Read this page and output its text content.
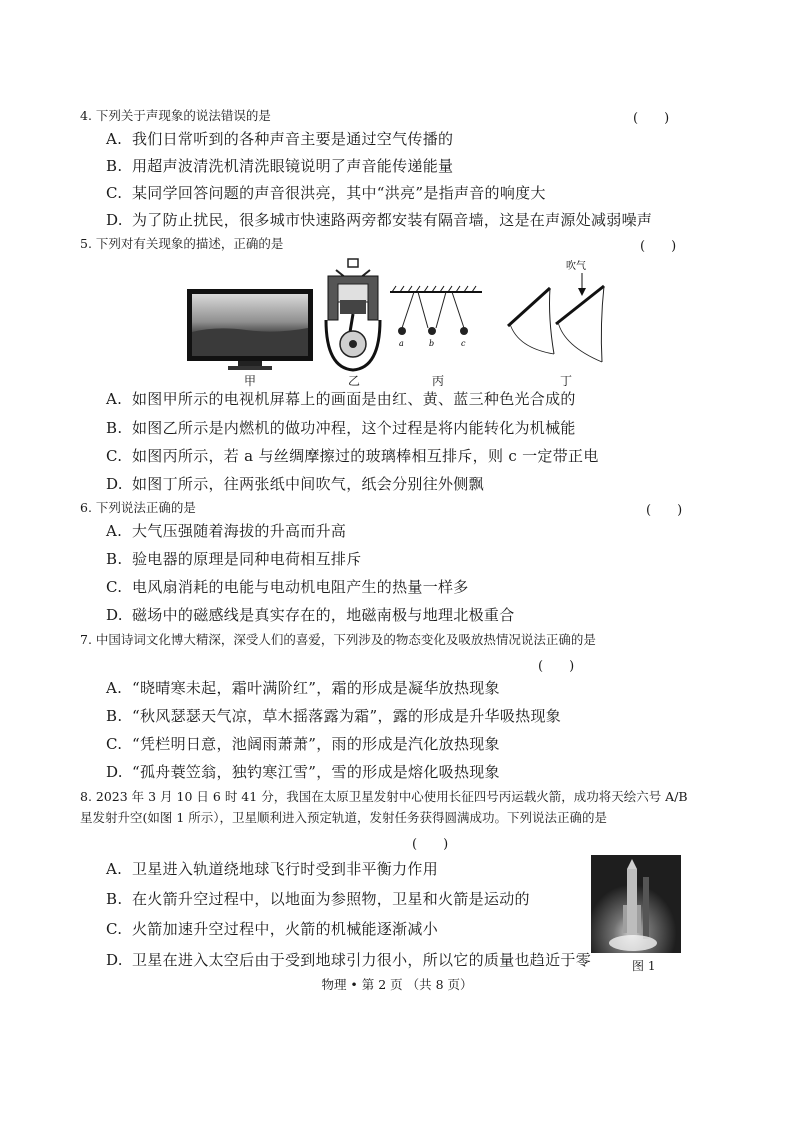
4. 下列关于声现象的说法错误的是	(　　)
A. 我们日常听到的各种声音主要是通过空气传播的
B. 用超声波清洗机清洗眼镜说明了声音能传递能量
C. 某同学回答问题的声音很洪亮，其中“洪亮”是指声音的响度大
D. 为了防止扰民，很多城市快速路两旁都安装有隔音墙，这是在声源处减弱噪声
5. 下列对有关现象的描述，正确的是	(　　)
a	b	c
吹气
甲	乙	丙	丁
A. 如图甲所示的电视机屏幕上的画面是由红、黄、蓝三种色光合成的
B. 如图乙所示是内燃机的做功冲程，这个过程是将内能转化为机械能
C. 如图丙所示，若 a 与丝绸摩擦过的玻璃棒相互排斥，则 c 一定带正电
D. 如图丁所示，往两张纸中间吹气，纸会分别往外侧飘
6. 下列说法正确的是	(　　)
A. 大气压强随着海拔的升高而升高
B. 验电器的原理是同种电荷相互排斥
C. 电风扇消耗的电能与电动机电阻产生的热量一样多
D. 磁场中的磁感线是真实存在的，地磁南极与地理北极重合
7. 中国诗词文化博大精深，深受人们的喜爱，下列涉及的物态变化及吸放热情况说法正确的是
(　　)
A. “晓晴寒未起，霜叶满阶红”，霜的形成是凝华放热现象
B. “秋风瑟瑟天气凉，草木摇落露为霜”，露的形成是升华吸热现象
C. “凭栏明日意，池阔雨萧萧”，雨的形成是汽化放热现象
D. “孤舟蓑笠翁，独钓寒江雪”，雪的形成是熔化吸热现象
8. 2023 年 3 月 10 日 6 时 41 分，我国在太原卫星发射中心使用长征四号丙运载火箭，成功将天绘六号 A/B 星发射升空(如图 1 所示），卫星顺利进入预定轨道，发射任务获得圆满成功。下列说法正确的是
(　　)
A. 卫星进入轨道绕地球飞行时受到非平衡力作用
B. 在火箭升空过程中，以地面为参照物，卫星和火箭是运动的
C. 火箭加速升空过程中，火箭的机械能逐渐减小
D. 卫星在进入太空后由于受到地球引力很小，所以它的质量也趋近于零	图 1
物理 • 第 2 页 （共 8 页）
